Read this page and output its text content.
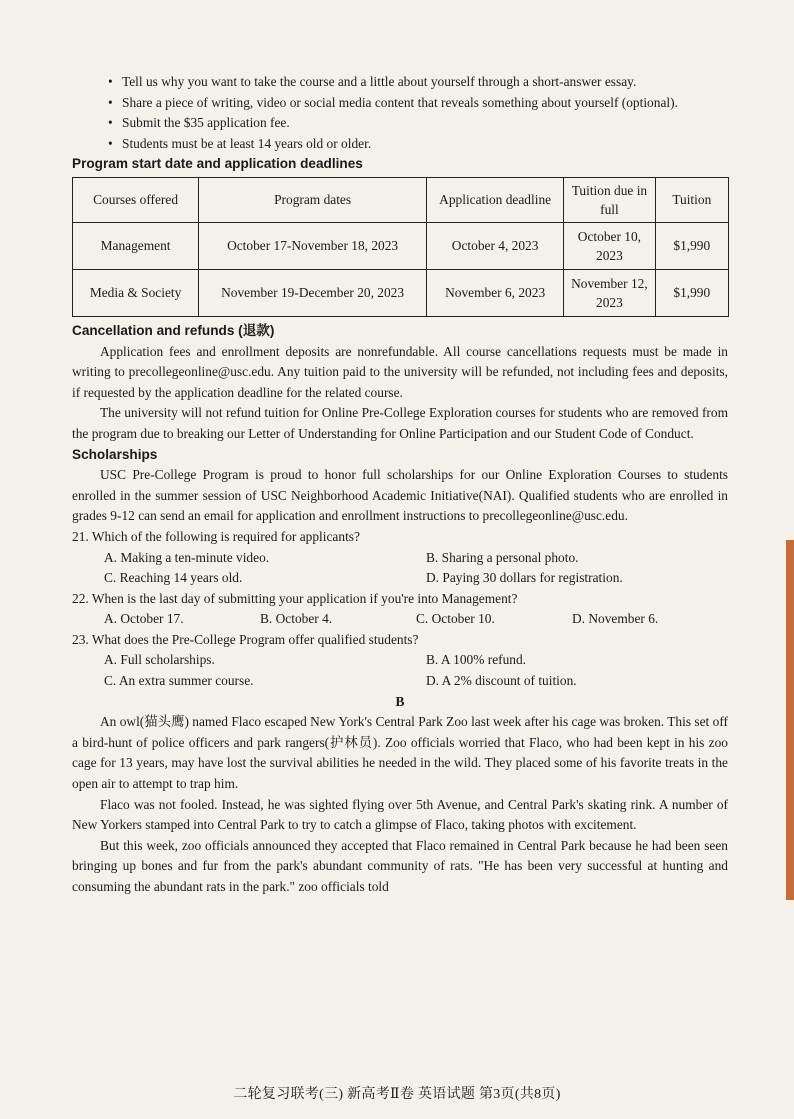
• Tell us why you want to take the course and a little about yourself through a short-answer essay.

• Share a piece of writing, video or social media content that reveals something about yourself (optional).

• Submit the $35 application fee.

• Students must be at least 14 years old or older.

Program start date and application deadlines

Courses offered	Program dates	Application deadline	Tuition due in full	Tuition
Management	October 17-November 18, 2023	October 4, 2023	October 10, 2023	$1,990
Media & Society	November 19-December 20, 2023	November 6, 2023	November 12, 2023	$1,990

Cancellation and refunds (退款)

Application fees and enrollment deposits are nonrefundable. All course cancellations requests must be made in writing to precollegeonline@usc.edu. Any tuition paid to the university will be refunded, not including fees and deposits, if requested by the application deadline for the related course.

The university will not refund tuition for Online Pre-College Exploration courses for students who are removed from the program due to breaking our Letter of Understanding for Online Participation and our Student Code of Conduct.

Scholarships

USC Pre-College Program is proud to honor full scholarships for our Online Exploration Courses to students enrolled in the summer session of USC Neighborhood Academic Initiative(NAI). Qualified students who are enrolled in grades 9-12 can send an email for application and enrollment instructions to precollegeonline@usc.edu.

21. Which of the following is required for applicants?

A. Making a ten-minute video.	B. Sharing a personal photo.
C. Reaching 14 years old.	D. Paying 30 dollars for registration.

22. When is the last day of submitting your application if you're into Management?

A. October 17.	B. October 4.	C. October 10.	D. November 6.

23. What does the Pre-College Program offer qualified students?

A. Full scholarships.	B. A 100% refund.
C. An extra summer course.	D. A 2% discount of tuition.

B

An owl(猫头鹰) named Flaco escaped New York's Central Park Zoo last week after his cage was broken. This set off a bird-hunt of police officers and park rangers(护林员). Zoo officials worried that Flaco, who had been kept in his zoo cage for 13 years, may have lost the survival abilities he needed in the wild. They placed some of his favorite treats in the open air to attempt to trap him.

Flaco was not fooled. Instead, he was sighted flying over 5th Avenue, and Central Park's skating rink. A number of New Yorkers stamped into Central Park to try to catch a glimpse of Flaco, taking photos with excitement.

But this week, zoo officials announced they accepted that Flaco remained in Central Park because he had been seen bringing up bones and fur from the park's abundant community of rats. "He has been very successful at hunting and consuming the abundant rats in the park." zoo officials told

二轮复习联考(三) 新高考Ⅱ卷 英语试题 第3页(共8页)
